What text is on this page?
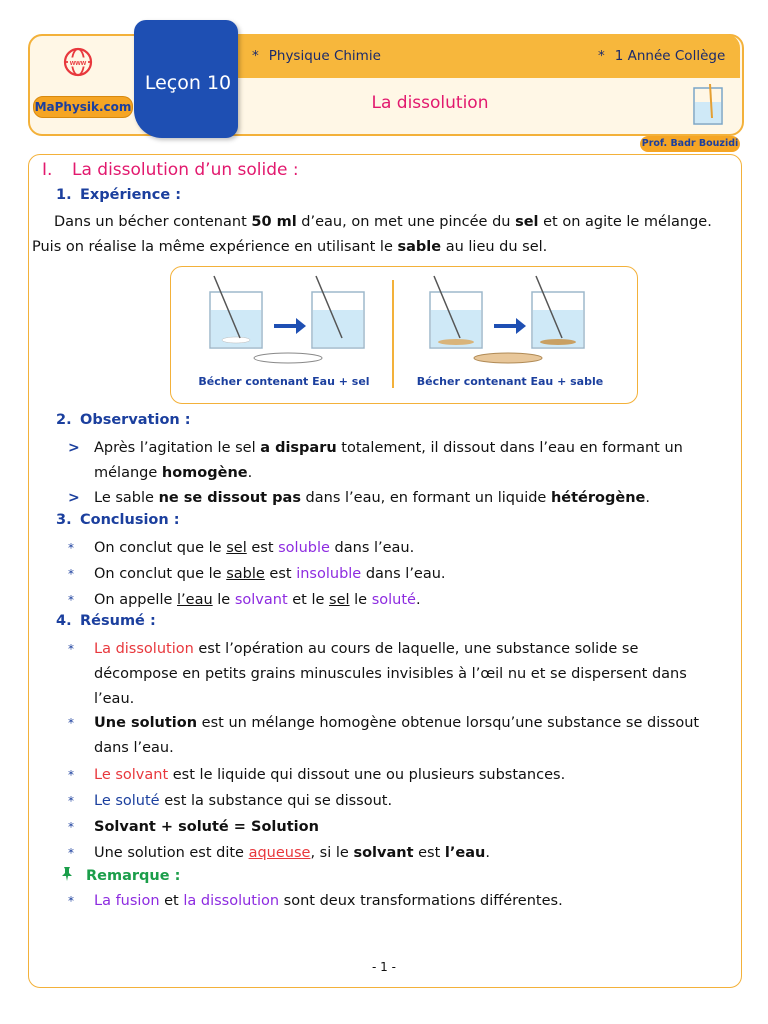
www
MaPhysik.com
Leçon 10
* Physique Chimie	* 1 Année Collège
La dissolution
Prof. Badr Bouzidi
I. La dissolution d’un solide :
1. Expérience :
Dans un bécher contenant 50 ml d’eau, on met une pincée du sel et on agite le mélange. Puis on réalise la même expérience en utilisant le sable au lieu du sel.
Bécher contenant Eau + sel	Bécher contenant Eau + sable
2. Observation :
> Après l’agitation le sel a disparu totalement, il dissout dans l’eau en formant un mélange homogène.
> Le sable ne se dissout pas dans l’eau, en formant un liquide hétérogène.
3. Conclusion :
* On conclut que le sel est soluble dans l’eau.
* On conclut que le sable est insoluble dans l’eau.
* On appelle l’eau le solvant et le sel le soluté.
4. Résumé :
* La dissolution est l’opération au cours de laquelle, une substance solide se décompose en petits grains minuscules invisibles à l’œil nu et se dispersent dans l’eau.
* Une solution est un mélange homogène obtenue lorsqu’une substance se dissout dans l’eau.
* Le solvant est le liquide qui dissout une ou plusieurs substances.
* Le soluté est la substance qui se dissout.
* Solvant + soluté = Solution
* Une solution est dite aqueuse, si le solvant est l’eau.
Remarque :
* La fusion et la dissolution sont deux transformations différentes.
- 1 -
